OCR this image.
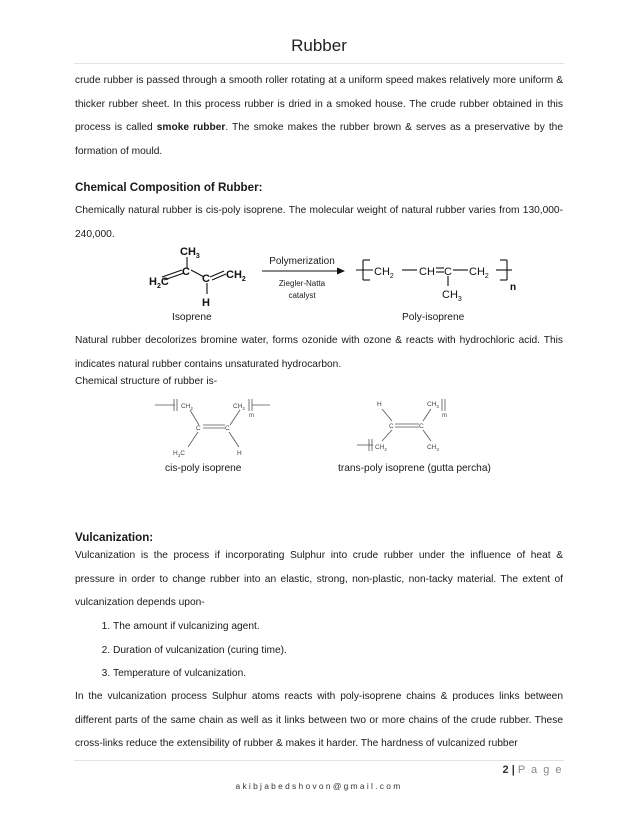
Rubber
crude rubber is passed through a smooth roller rotating at a uniform speed makes relatively more uniform & thicker rubber sheet. In this process rubber is dried in a smoked house. The crude rubber obtained in this process is called smoke rubber. The smoke makes the rubber brown & serves as a preservative by the formation of mould.
Chemical Composition of Rubber:
Chemically natural rubber is cis-poly isoprene. The molecular weight of natural rubber varies from 130,000-240,000.
$CH_3$
C
$H_2C$	C $CH_2$
H
$CH_2$ CH C $CH_2$
$CH_3$
n
Polymerization
Ziegler-Natta
catalyst
Isoprene	Poly-isoprene
Natural rubber decolorizes bromine water, forms ozonide with ozone & reacts with hydrochloric acid. This indicates natural rubber contains unsaturated hydrocarbon.
Chemical structure of rubber is-
$CH_2$	$CH_2$
m
C	C
$H_3C$	H
H	$CH_3$
m
C	C
$CH_2$	$CH_3$
cis-poly isoprene	trans-poly isoprene (gutta percha)
Vulcanization:
Vulcanization is the process if incorporating Sulphur into crude rubber under the influence of heat & pressure in order to change rubber into an elastic, strong, non-plastic, non-tacky material. The extent of vulcanization depends upon-
1. The amount if vulcanizing agent.
2. Duration of vulcanization (curing time).
3. Temperature of vulcanization.
In the vulcanization process Sulphur atoms reacts with poly-isoprene chains & produces links between different parts of the same chain as well as it links between two or more chains of the crude rubber. These cross-links reduce the extensibility of rubber & makes it harder. The hardness of vulcanized rubber
2 | P a g e
akibjabedshovon@gmail.com
